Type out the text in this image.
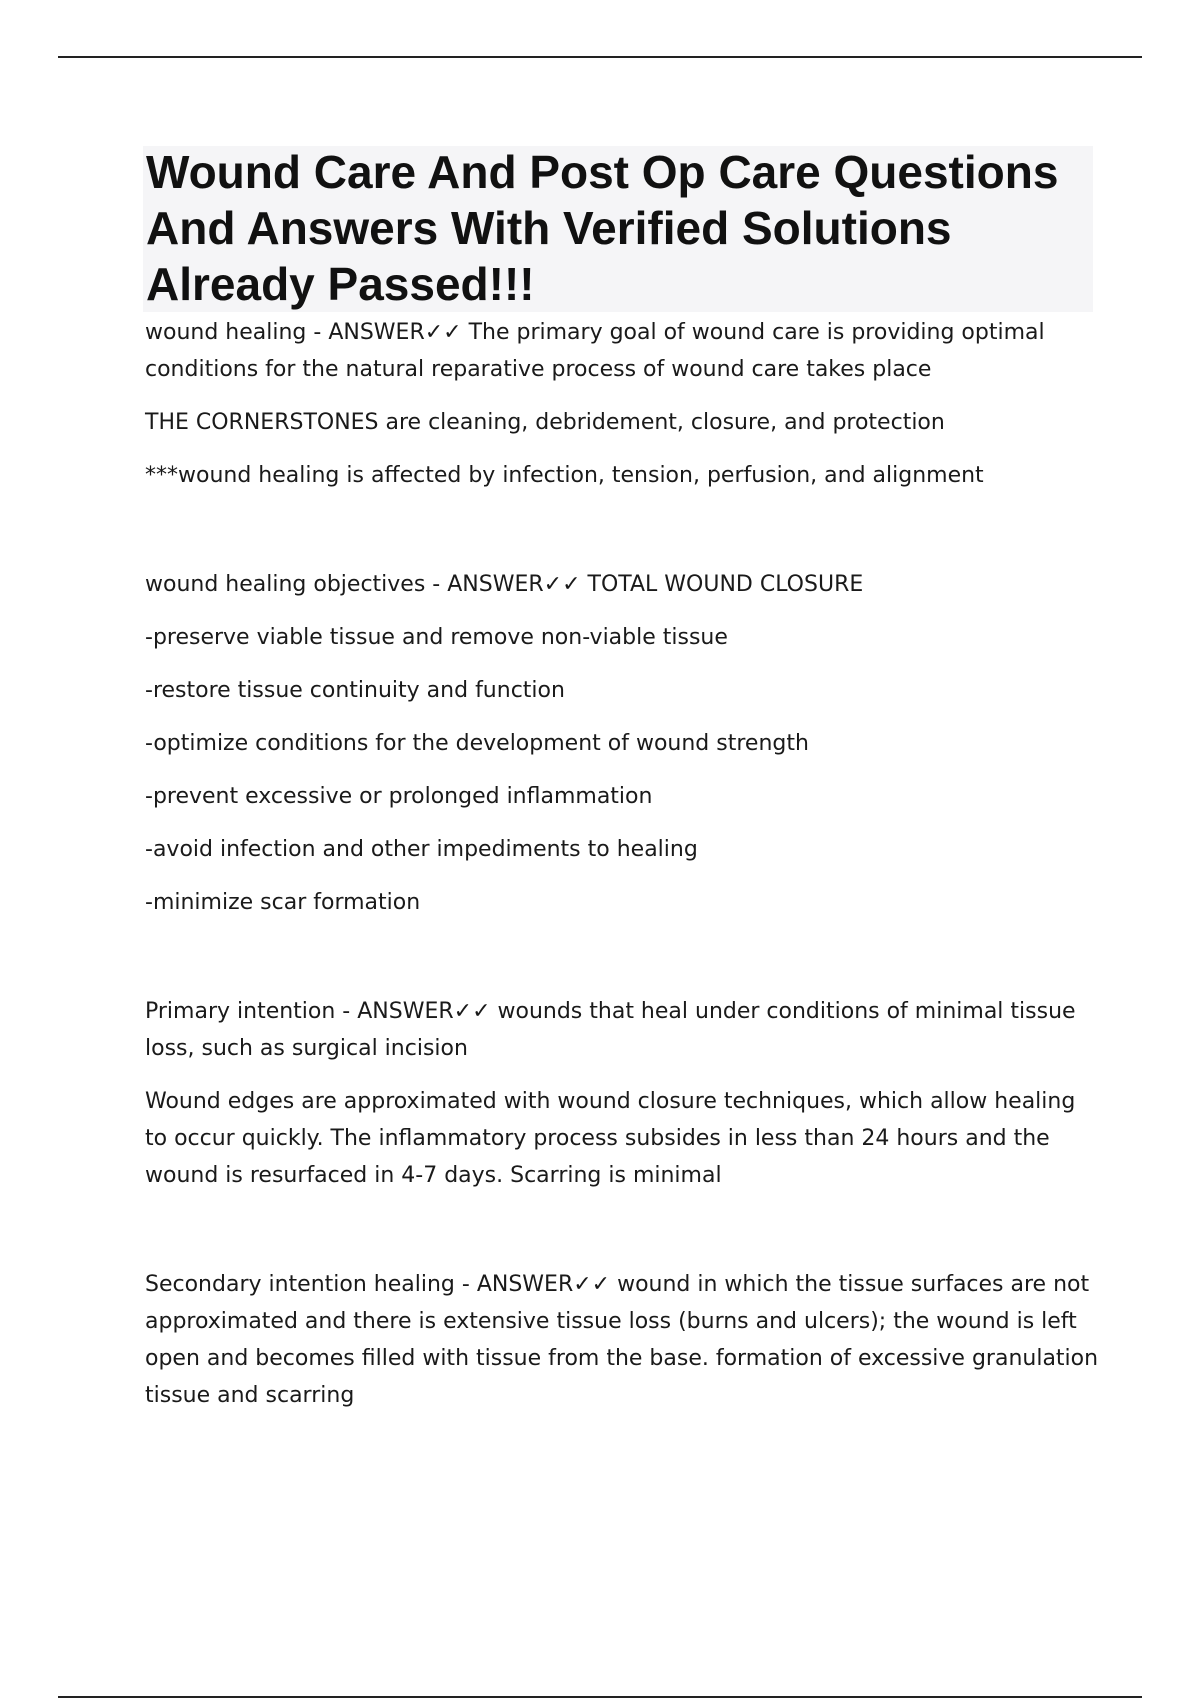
Wound Care And Post Op Care Questions And Answers With Verified Solutions Already Passed!!!

wound healing - ANSWER✓✓ The primary goal of wound care is providing optimal conditions for the natural reparative process of wound care takes place

THE CORNERSTONES are cleaning, debridement, closure, and protection

***wound healing is affected by infection, tension, perfusion, and alignment

wound healing objectives - ANSWER✓✓ TOTAL WOUND CLOSURE

-preserve viable tissue and remove non-viable tissue

-restore tissue continuity and function

-optimize conditions for the development of wound strength

-prevent excessive or prolonged inflammation

-avoid infection and other impediments to healing

-minimize scar formation

Primary intention - ANSWER✓✓ wounds that heal under conditions of minimal tissue loss, such as surgical incision

Wound edges are approximated with wound closure techniques, which allow healing to occur quickly. The inflammatory process subsides in less than 24 hours and the wound is resurfaced in 4-7 days. Scarring is minimal

Secondary intention healing - ANSWER✓✓ wound in which the tissue surfaces are not approximated and there is extensive tissue loss (burns and ulcers); the wound is left open and becomes filled with tissue from the base. formation of excessive granulation tissue and scarring
